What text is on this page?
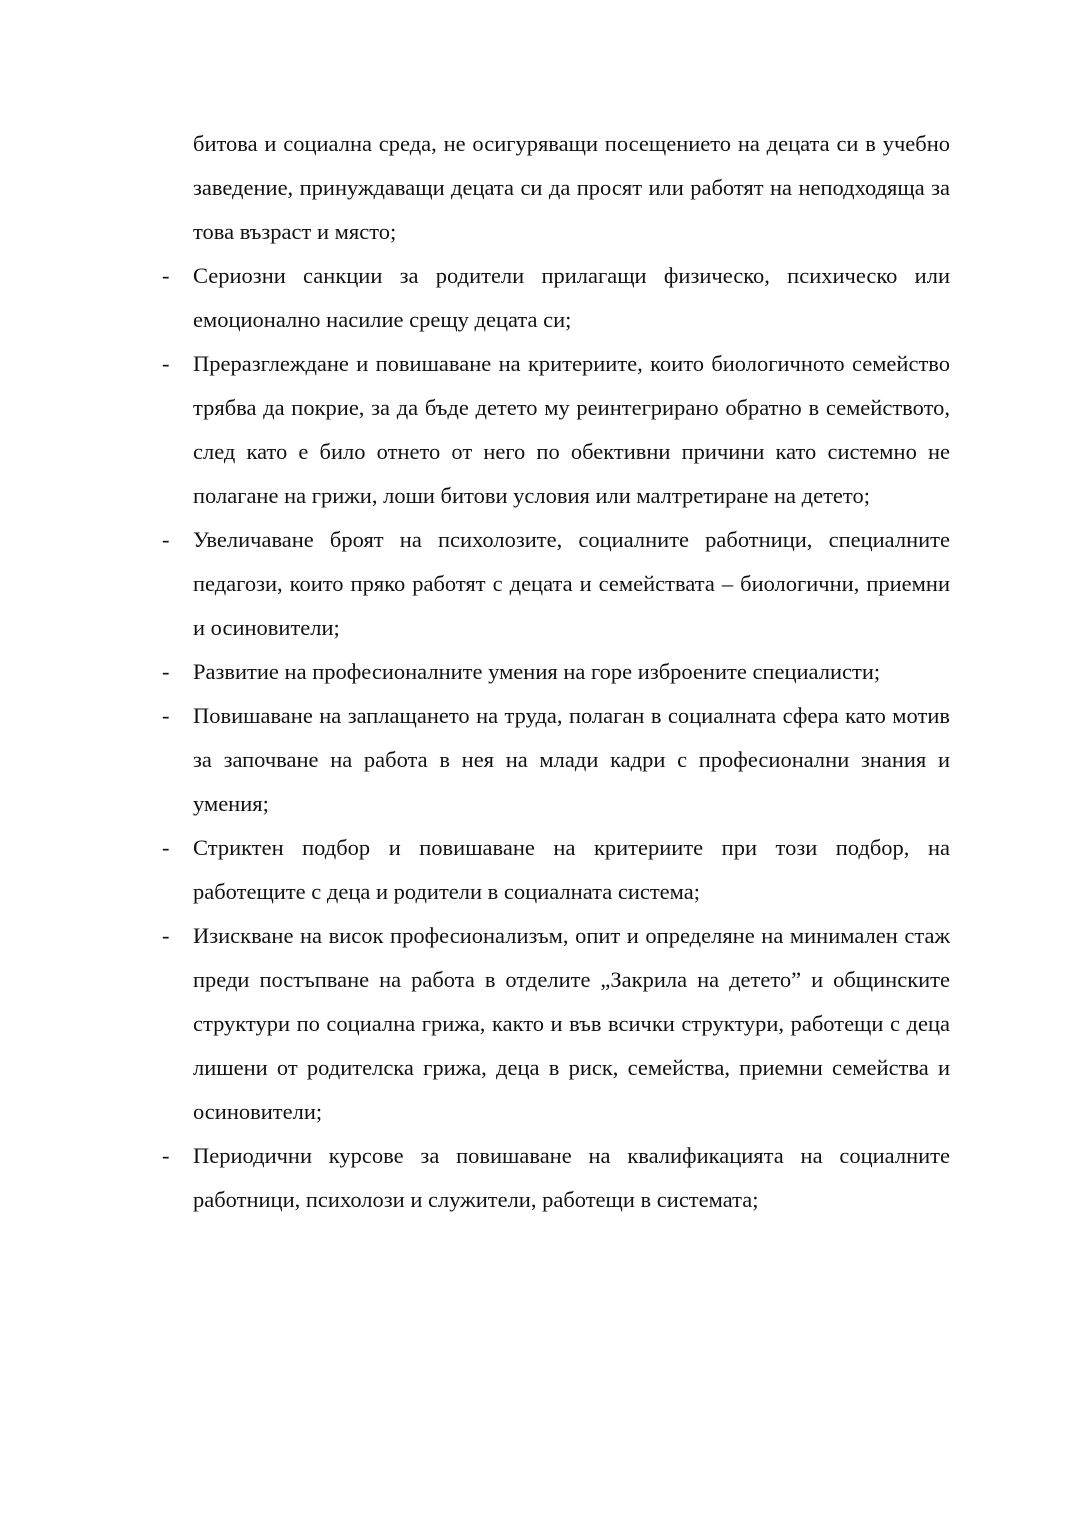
битова и социална среда, не осигуряващи посещението на децата си в учебно заведение, принуждаващи децата си да просят или работят на неподходяща за това възраст и място;

- Сериозни санкции за родители прилагащи физическо, психическо или емоционално насилие срещу децата си;
- Преразглеждане и повишаване на критериите, които биологичното семейство трябва да покрие, за да бъде детето му реинтегрирано обратно в семейството, след като е било отнето от него по обективни причини като системно не полагане на грижи, лоши битови условия или малтретиране на детето;
- Увеличаване броят на психолозите, социалните работници, специалните педагози, които пряко работят с децата и семействата – биологични, приемни и осиновители;
- Развитие на професионалните умения на горе изброените специалисти;
- Повишаване на заплащането на труда, полаган в социалната сфера като мотив за започване на работа в нея на млади кадри с професионални знания и умения;
- Стриктен подбор и повишаване на критериите при този подбор, на работещите с деца и родители в социалната система;
- Изискване на висок професионализъм, опит и определяне на минимален стаж преди постъпване на работа в отделите „Закрила на детето” и общинските структури по социална грижа, както и във всички структури, работещи с деца лишени от родителска грижа, деца в риск, семейства, приемни семейства и осиновители;
- Периодични курсове за повишаване на квалификацията на социалните работници, психолози и служители, работещи в системата;
